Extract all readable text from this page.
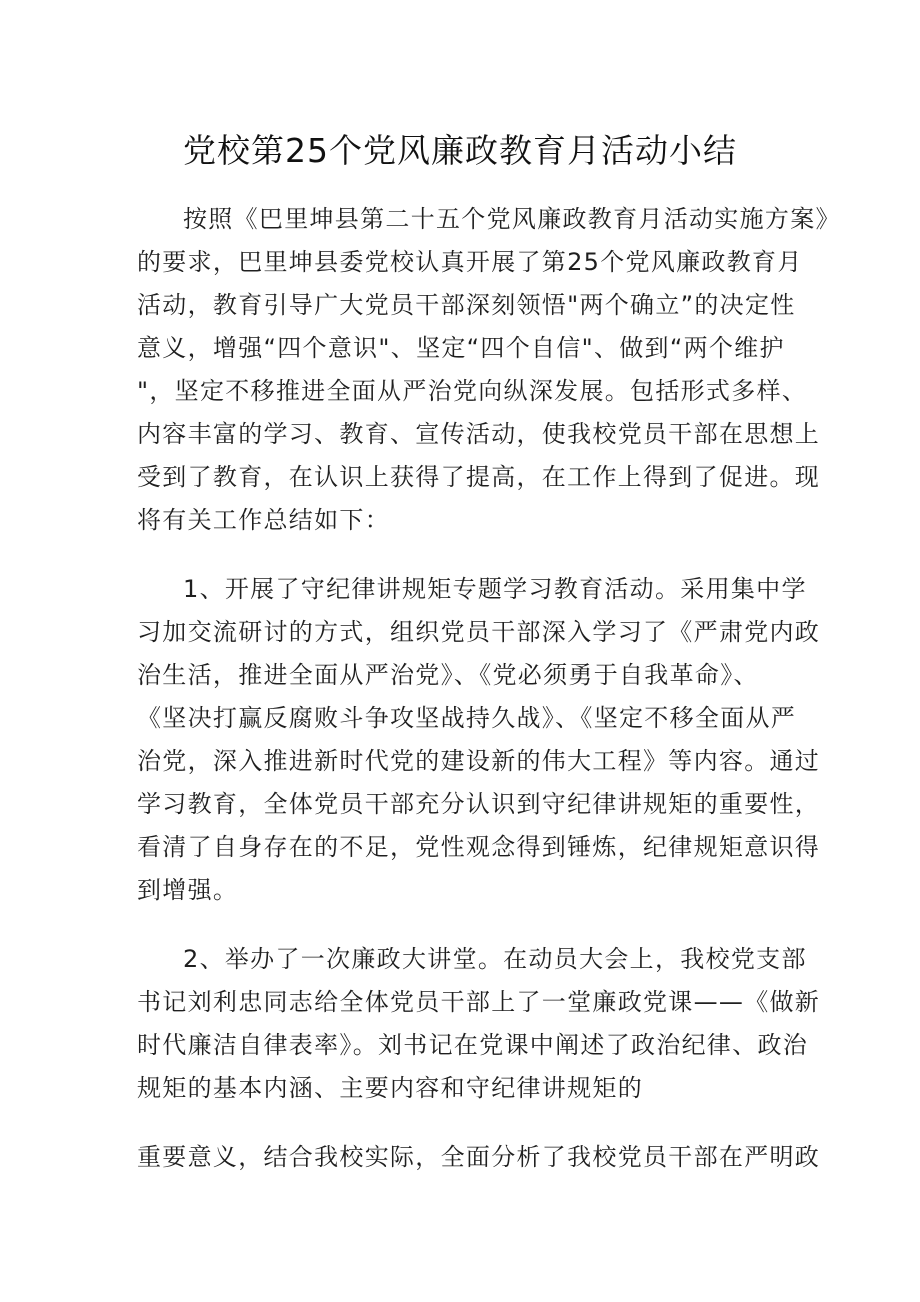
党校第25个党风廉政教育月活动小结
按照《巴里坤县第二十五个党风廉政教育月活动实施方案》
的要求，巴里坤县委党校认真开展了第25个党风廉政教育月
活动，教育引导广大党员干部深刻领悟"两个确立”的决定性
意义，增强“四个意识"、坚定“四个自信"、做到“两个维护
"，坚定不移推进全面从严治党向纵深发展。包括形式多样、
内容丰富的学习、教育、宣传活动，使我校党员干部在思想上
受到了教育，在认识上获得了提高，在工作上得到了促进。现
将有关工作总结如下：
1、开展了守纪律讲规矩专题学习教育活动。采用集中学
习加交流研讨的方式，组织党员干部深入学习了《严肃党内政
治生活，推进全面从严治党》、《党必须勇于自我革命》、
《坚决打赢反腐败斗争攻坚战持久战》、《坚定不移全面从严
治党，深入推进新时代党的建设新的伟大工程》等内容。通过
学习教育，全体党员干部充分认识到守纪律讲规矩的重要性，
看清了自身存在的不足，党性观念得到锤炼，纪律规矩意识得
到增强。
2、举办了一次廉政大讲堂。在动员大会上，我校党支部
书记刘利忠同志给全体党员干部上了一堂廉政党课——《做新
时代廉洁自律表率》。刘书记在党课中阐述了政治纪律、政治
规矩的基本内涵、主要内容和守纪律讲规矩的
重要意义，结合我校实际，全面分析了我校党员干部在严明政
